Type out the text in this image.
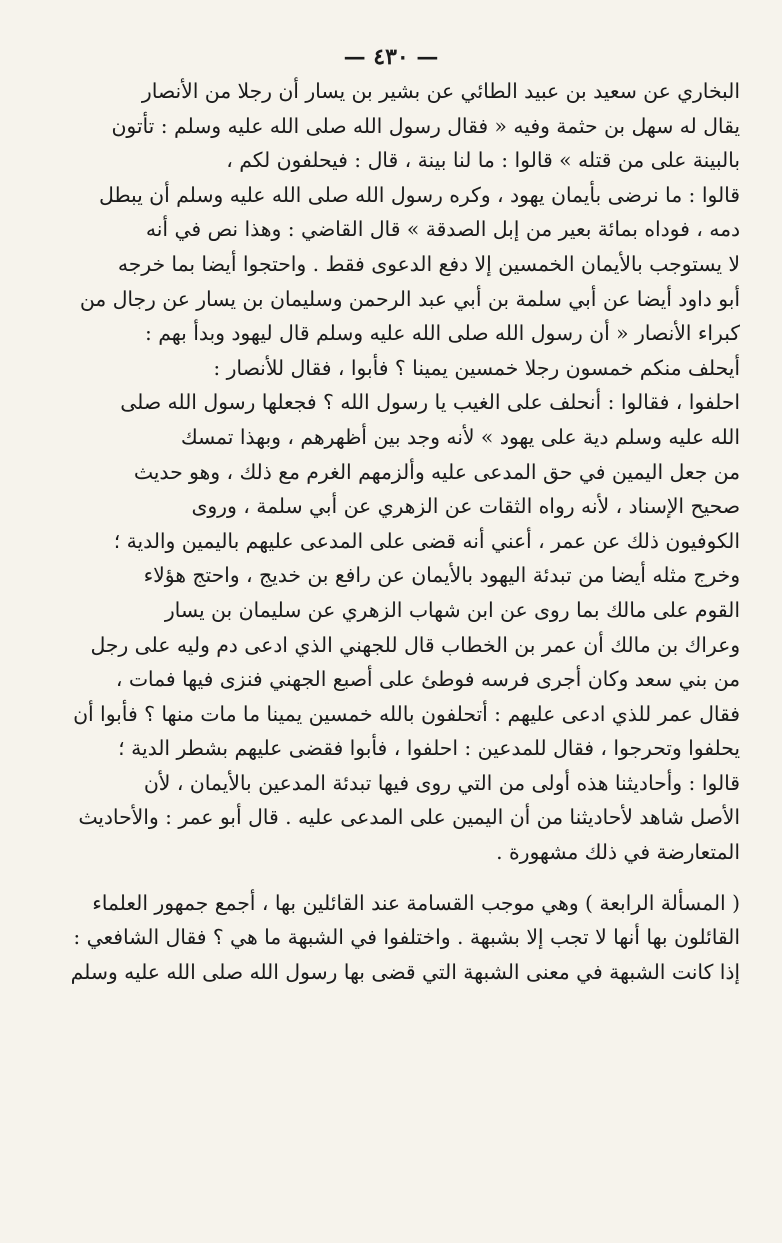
— ٤٣٠ —
البخاري عن سعيد بن عبيد الطائي عن بشير بن يسار أن رجلا من الأنصار
يقال له سهل بن حثمة وفيه « فقال رسول الله صلى الله عليه وسلم : تأتون
بالبينة على من قتله » قالوا : ما لنا بينة ، قال : فيحلفون لكم ،
قالوا : ما نرضى بأيمان يهود ، وكره رسول الله صلى الله عليه وسلم أن يبطل
دمه ، فوداه بمائة بعير من إبل الصدقة » قال القاضي : وهذا نص في أنه
لا يستوجب بالأيمان الخمسين إلا دفع الدعوى فقط . واحتجوا أيضا بما خرجه
أبو داود أيضا عن أبي سلمة بن أبي عبد الرحمن وسليمان بن يسار عن رجال من
كبراء الأنصار « أن رسول الله صلى الله عليه وسلم قال ليهود وبدأ بهم :
أيحلف منكم خمسون رجلا خمسين يمينا ؟ فأبوا ، فقال للأنصار :
احلفوا ، فقالوا : أنحلف على الغيب يا رسول الله ؟ فجعلها رسول الله صلى
الله عليه وسلم دية على يهود » لأنه وجد بين أظهرهم ، وبهذا تمسك
من جعل اليمين في حق المدعى عليه وألزمهم الغرم مع ذلك ، وهو حديث
صحيح الإسناد ، لأنه رواه الثقات عن الزهري عن أبي سلمة ، وروى
الكوفيون ذلك عن عمر ، أعني أنه قضى على المدعى عليهم باليمين والدية ؛
وخرج مثله أيضا من تبدئة اليهود بالأيمان عن رافع بن خديج ، واحتج هؤلاء
القوم على مالك بما روى عن ابن شهاب الزهري عن سليمان بن يسار
وعراك بن مالك أن عمر بن الخطاب قال للجهني الذي ادعى دم وليه على رجل
من بني سعد وكان أجرى فرسه فوطئ على أصبع الجهني فنزى فيها فمات ،
فقال عمر للذي ادعى عليهم : أتحلفون بالله خمسين يمينا ما مات منها ؟ فأبوا أن
يحلفوا وتحرجوا ، فقال للمدعين : احلفوا ، فأبوا فقضى عليهم بشطر الدية ؛
قالوا : وأحاديثنا هذه أولى من التي روى فيها تبدئة المدعين بالأيمان ، لأن
الأصل شاهد لأحاديثنا من أن اليمين على المدعى عليه . قال أبو عمر : والأحاديث
المتعارضة في ذلك مشهورة .
( المسألة الرابعة ) وهي موجب القسامة عند القائلين بها ، أجمع جمهور العلماء
القائلون بها أنها لا تجب إلا بشبهة . واختلفوا في الشبهة ما هي ؟ فقال الشافعي :
إذا كانت الشبهة في معنى الشبهة التي قضى بها رسول الله صلى الله عليه وسلم
